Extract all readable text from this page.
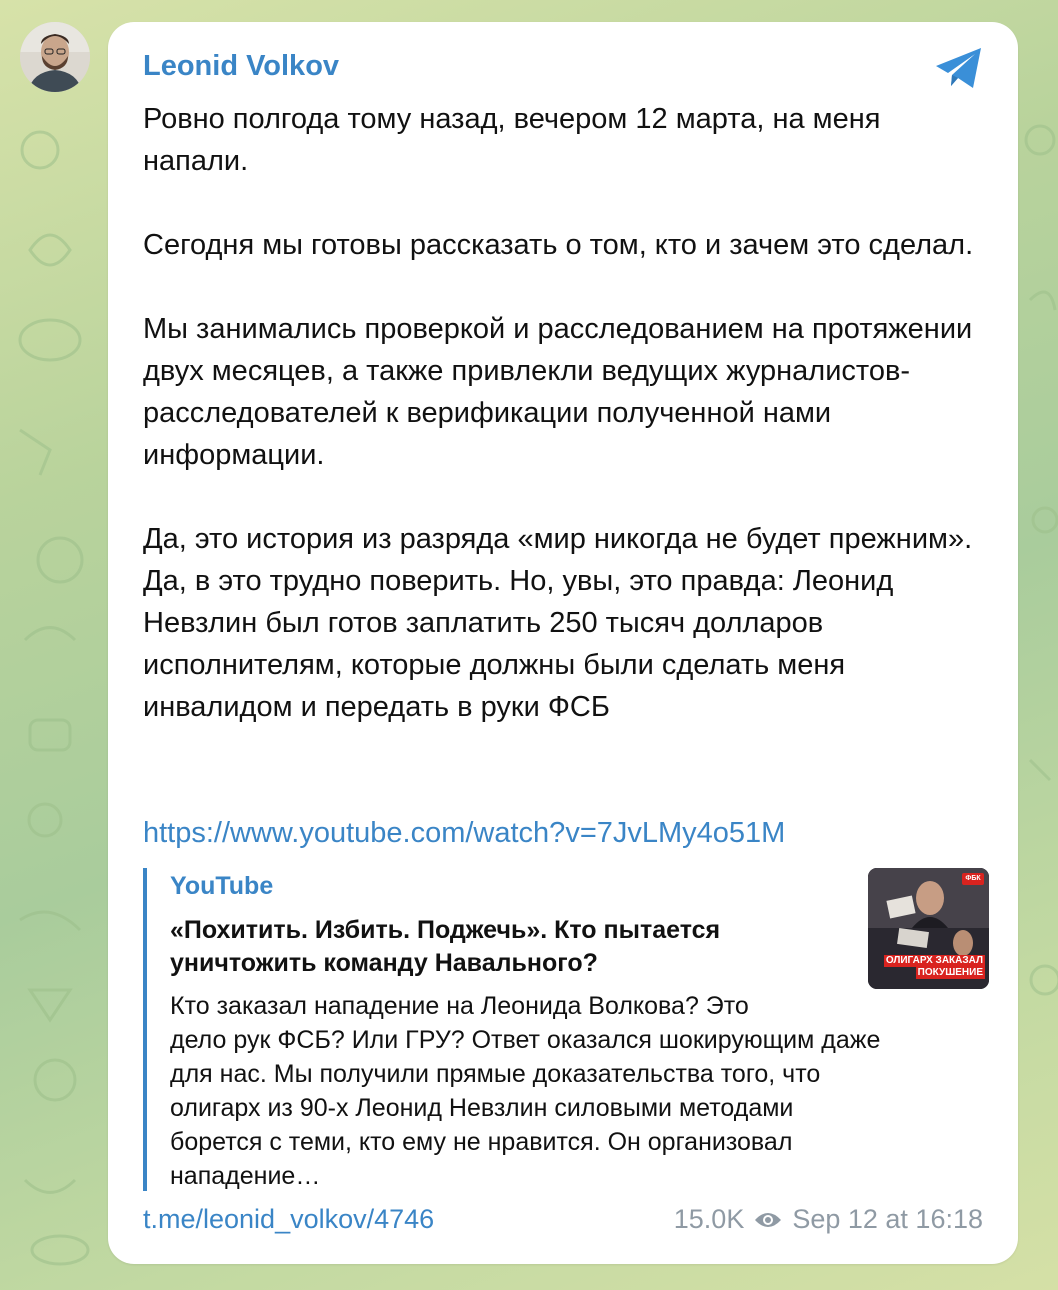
Leonid Volkov

Ровно полгода тому назад, вечером 12 марта, на меня напали.

Сегодня мы готовы рассказать о том, кто и зачем это сделал.

Мы занимались проверкой и расследованием на протяжении двух месяцев, а также привлекли ведущих журналистов-расследователей к верификации полученной нами информации.

Да, это история из разряда «мир никогда не будет прежним». Да, в это трудно поверить. Но, увы, это правда: Леонид Невзлин был готов заплатить 250 тысяч долларов исполнителям, которые должны были сделать меня инвалидом и передать в руки ФСБ

https://www.youtube.com/watch?v=7JvLMy4o51M
YouTube
«Похитить. Избить. Поджечь». Кто пытается уничтожить команду Навального?
Кто заказал нападение на Леонида Волкова? Это
дело рук ФСБ? Или ГРУ? Ответ оказался шокирующим даже
для нас. Мы получили прямые доказательства того, что
олигарх из 90-х Леонид Невзлин силовыми методами
борется с теми, кто ему не нравится. Он организовал
нападение…
ФБК
ОЛИГАРХ ЗАКАЗАЛ
ПОКУШЕНИЕ
t.me/leonid_volkov/4746	15.0K Sep 12 at 16:18
